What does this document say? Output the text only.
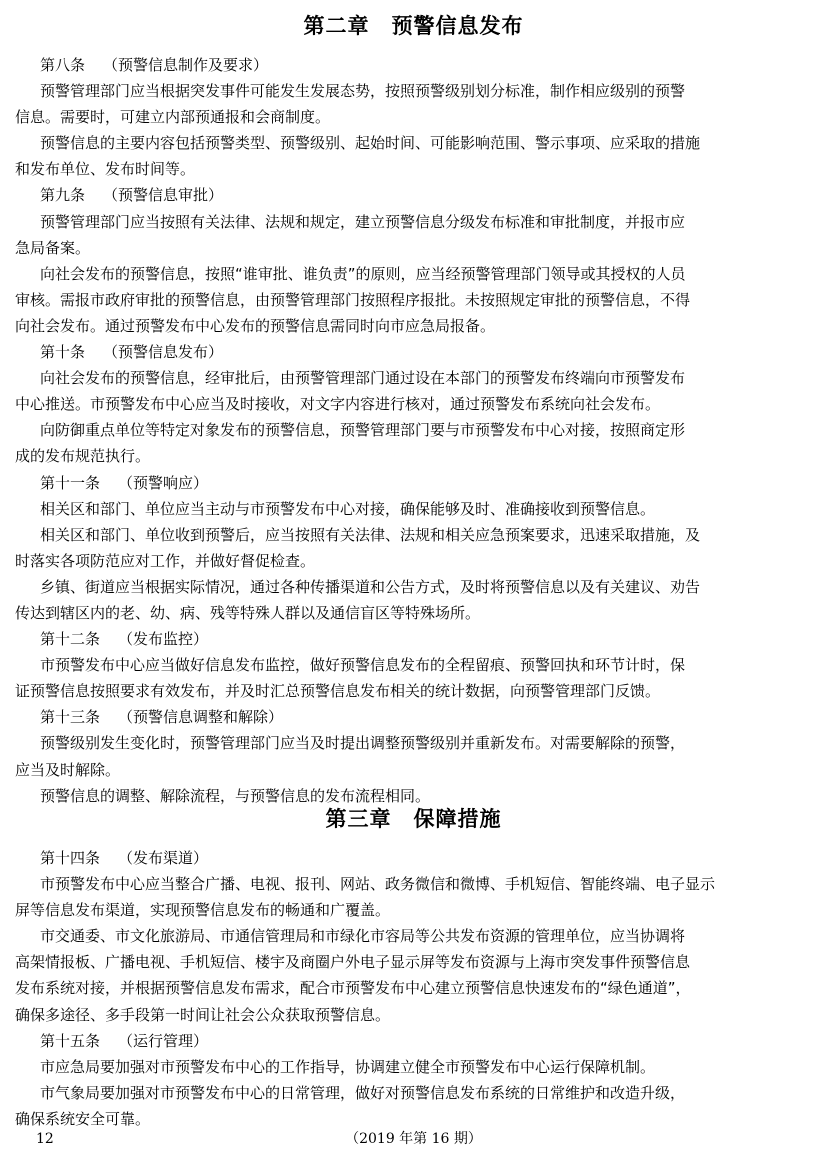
第二章　预警信息发布
第八条 （预警信息制作及要求）
预警管理部门应当根据突发事件可能发生发展态势，按照预警级别划分标准，制作相应级别的预警
信息。需要时，可建立内部预通报和会商制度。
预警信息的主要内容包括预警类型、预警级别、起始时间、可能影响范围、警示事项、应采取的措施
和发布单位、发布时间等。
第九条 （预警信息审批）
预警管理部门应当按照有关法律、法规和规定，建立预警信息分级发布标准和审批制度，并报市应
急局备案。
向社会发布的预警信息，按照“谁审批、谁负责”的原则，应当经预警管理部门领导或其授权的人员
审核。需报市政府审批的预警信息，由预警管理部门按照程序报批。未按照规定审批的预警信息，不得
向社会发布。通过预警发布中心发布的预警信息需同时向市应急局报备。
第十条 （预警信息发布）
向社会发布的预警信息，经审批后，由预警管理部门通过设在本部门的预警发布终端向市预警发布
中心推送。市预警发布中心应当及时接收，对文字内容进行核对，通过预警发布系统向社会发布。
向防御重点单位等特定对象发布的预警信息，预警管理部门要与市预警发布中心对接，按照商定形
成的发布规范执行。
第十一条 （预警响应）
相关区和部门、单位应当主动与市预警发布中心对接，确保能够及时、准确接收到预警信息。
相关区和部门、单位收到预警后，应当按照有关法律、法规和相关应急预案要求，迅速采取措施，及
时落实各项防范应对工作，并做好督促检查。
乡镇、街道应当根据实际情况，通过各种传播渠道和公告方式，及时将预警信息以及有关建议、劝告
传达到辖区内的老、幼、病、残等特殊人群以及通信盲区等特殊场所。
第十二条 （发布监控）
市预警发布中心应当做好信息发布监控，做好预警信息发布的全程留痕、预警回执和环节计时，保
证预警信息按照要求有效发布，并及时汇总预警信息发布相关的统计数据，向预警管理部门反馈。
第十三条 （预警信息调整和解除）
预警级别发生变化时，预警管理部门应当及时提出调整预警级别并重新发布。对需要解除的预警，
应当及时解除。
预警信息的调整、解除流程，与预警信息的发布流程相同。
第三章　保障措施
第十四条 （发布渠道）
市预警发布中心应当整合广播、电视、报刊、网站、政务微信和微博、手机短信、智能终端、电子显示
屏等信息发布渠道，实现预警信息发布的畅通和广覆盖。
市交通委、市文化旅游局、市通信管理局和市绿化市容局等公共发布资源的管理单位，应当协调将
高架情报板、广播电视、手机短信、楼宇及商圈户外电子显示屏等发布资源与上海市突发事件预警信息
发布系统对接，并根据预警信息发布需求，配合市预警发布中心建立预警信息快速发布的“绿色通道”，
确保多途径、多手段第一时间让社会公众获取预警信息。
第十五条 （运行管理）
市应急局要加强对市预警发布中心的工作指导，协调建立健全市预警发布中心运行保障机制。
市气象局要加强对市预警发布中心的日常管理，做好对预警信息发布系统的日常维护和改造升级，
确保系统安全可靠。
12	（2019 年第 16 期）
